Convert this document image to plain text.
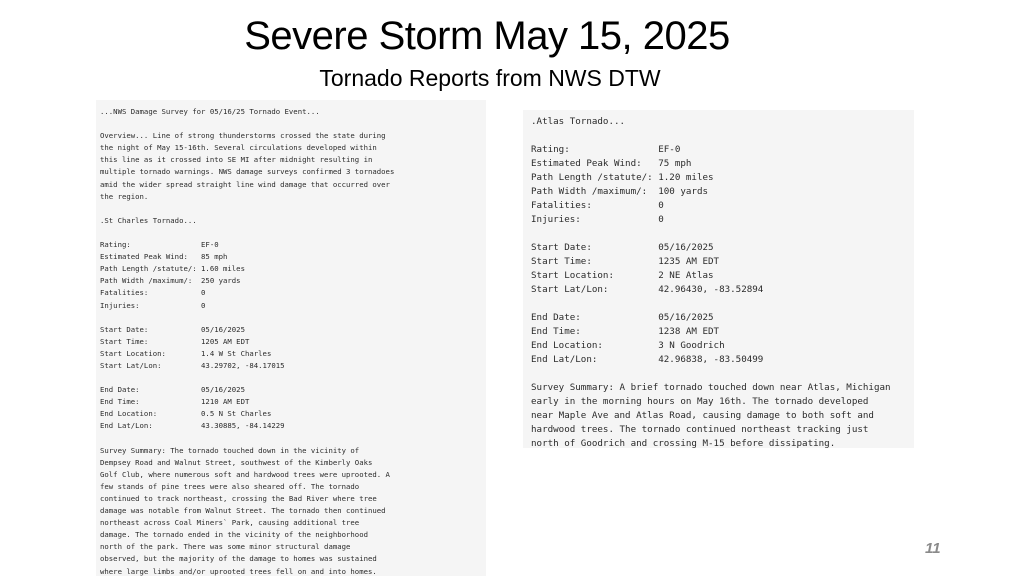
Severe Storm May 15, 2025
Tornado Reports from NWS DTW
...NWS Damage Survey for 05/16/25 Tornado Event...
Overview... Line of strong thunderstorms crossed the state during
the night of May 15-16th. Several circulations developed within
this line as it crossed into SE MI after midnight resulting in
multiple tornado warnings. NWS damage surveys confirmed 3 tornadoes
amid the wider spread straight line wind damage that occurred over
the region.
.St Charles Tornado...
Rating:                EF-0
Estimated Peak Wind:   85 mph
Path Length /statute/: 1.60 miles
Path Width /maximum/:  250 yards
Fatalities:            0
Injuries:              0
Start Date:            05/16/2025
Start Time:            1205 AM EDT
Start Location:        1.4 W St Charles
Start Lat/Lon:         43.29702, -84.17015
End Date:              05/16/2025
End Time:              1210 AM EDT
End Location:          0.5 N St Charles
End Lat/Lon:           43.30885, -84.14229
Survey Summary: The tornado touched down in the vicinity of
Dempsey Road and Walnut Street, southwest of the Kimberly Oaks
Golf Club, where numerous soft and hardwood trees were uprooted. A
few stands of pine trees were also sheared off. The tornado
continued to track northeast, crossing the Bad River where tree
damage was notable from Walnut Street. The tornado then continued
northeast across Coal Miners` Park, causing additional tree
damage. The tornado ended in the vicinity of the neighborhood
north of the park. There was some minor structural damage
observed, but the majority of the damage to homes was sustained
where large limbs and/or uprooted trees fell on and into homes.
.Atlas Tornado...
Rating:                EF-0
Estimated Peak Wind:   75 mph
Path Length /statute/: 1.20 miles
Path Width /maximum/:  100 yards
Fatalities:            0
Injuries:              0
Start Date:            05/16/2025
Start Time:            1235 AM EDT
Start Location:        2 NE Atlas
Start Lat/Lon:         42.96430, -83.52894
End Date:              05/16/2025
End Time:              1238 AM EDT
End Location:          3 N Goodrich
End Lat/Lon:           42.96838, -83.50499
Survey Summary: A brief tornado touched down near Atlas, Michigan
early in the morning hours on May 16th. The tornado developed
near Maple Ave and Atlas Road, causing damage to both soft and
hardwood trees. The tornado continued northeast tracking just
north of Goodrich and crossing M-15 before dissipating.
11
